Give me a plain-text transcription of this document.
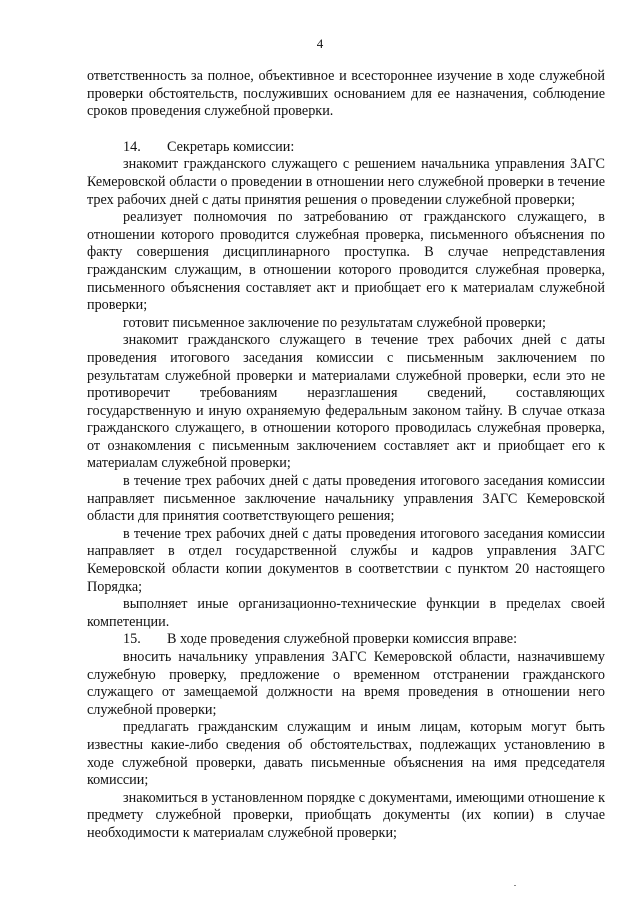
4

ответственность за полное, объективное и всестороннее изучение в ходе служебной проверки обстоятельств, послуживших основанием для ее назначения, соблюдение сроков проведения служебной проверки.

14. Секретарь комиссии:

знакомит гражданского служащего с решением начальника управления ЗАГС Кемеровской области о проведении в отношении него служебной проверки в течение трех рабочих дней с даты принятия решения о проведении служебной проверки;

реализует полномочия по затребованию от гражданского служащего, в отношении которого проводится служебная проверка, письменного объяснения по факту совершения дисциплинарного проступка. В случае непредставления гражданским служащим, в отношении которого проводится служебная проверка, письменного объяснения составляет акт и приобщает его к материалам служебной проверки;

готовит письменное заключение по результатам служебной проверки;

знакомит гражданского служащего в течение трех рабочих дней с даты проведения итогового заседания комиссии с письменным заключением по результатам служебной проверки и материалами служебной проверки, если это не противоречит требованиям неразглашения сведений, составляющих государственную и иную охраняемую федеральным законом тайну. В случае отказа гражданского служащего, в отношении которого проводилась служебная проверка, от ознакомления с письменным заключением составляет акт и приобщает его к материалам служебной проверки;

в течение трех рабочих дней с даты проведения итогового заседания комиссии направляет письменное заключение начальнику управления ЗАГС Кемеровской области для принятия соответствующего решения;

в течение трех рабочих дней с даты проведения итогового заседания комиссии направляет в отдел государственной службы и кадров управления ЗАГС Кемеровской области копии документов в соответствии с пунктом 20 настоящего Порядка;

выполняет иные организационно-технические функции в пределах своей компетенции.

15. В ходе проведения служебной проверки комиссия вправе:

вносить начальнику управления ЗАГС Кемеровской области, назначившему служебную проверку, предложение о временном отстранении гражданского служащего от замещаемой должности на время проведения в отношении него служебной проверки;

предлагать гражданским служащим и иным лицам, которым могут быть известны какие-либо сведения об обстоятельствах, подлежащих установлению в ходе служебной проверки, давать письменные объяснения на имя председателя комиссии;

знакомиться в установленном порядке с документами, имеющими отношение к предмету служебной проверки, приобщать документы (их копии) в случае необходимости к материалам служебной проверки;
